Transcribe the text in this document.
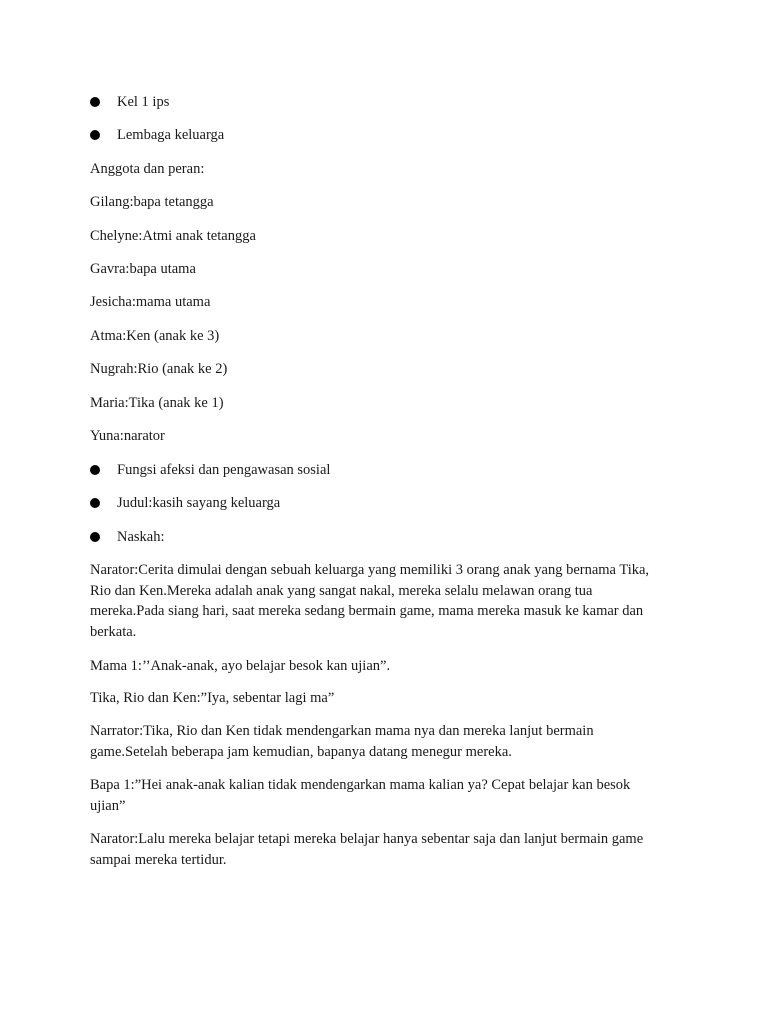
Kel 1 ips
Lembaga keluarga
Anggota dan peran:
Gilang:bapa tetangga
Chelyne:Atmi anak tetangga
Gavra:bapa utama
Jesicha:mama utama
Atma:Ken (anak ke 3)
Nugrah:Rio (anak ke 2)
Maria:Tika (anak ke 1)
Yuna:narator
Fungsi afeksi dan pengawasan sosial
Judul:kasih sayang keluarga
Naskah:
Narator:Cerita dimulai dengan sebuah keluarga yang memiliki 3 orang anak yang bernama Tika,
Rio dan Ken.Mereka adalah anak yang sangat nakal, mereka selalu melawan orang tua
mereka.Pada siang hari, saat mereka sedang bermain game, mama mereka masuk ke kamar dan
berkata.
Mama 1:’’Anak-anak, ayo belajar besok kan ujian”.
Tika, Rio dan Ken:”Iya, sebentar lagi ma”
Narrator:Tika, Rio dan Ken tidak mendengarkan mama nya dan mereka lanjut bermain
game.Setelah beberapa jam kemudian, bapanya datang menegur mereka.
Bapa 1:”Hei anak-anak kalian tidak mendengarkan mama kalian ya? Cepat belajar kan besok
ujian”
Narator:Lalu mereka belajar tetapi mereka belajar hanya sebentar saja dan lanjut bermain game
sampai mereka tertidur.
